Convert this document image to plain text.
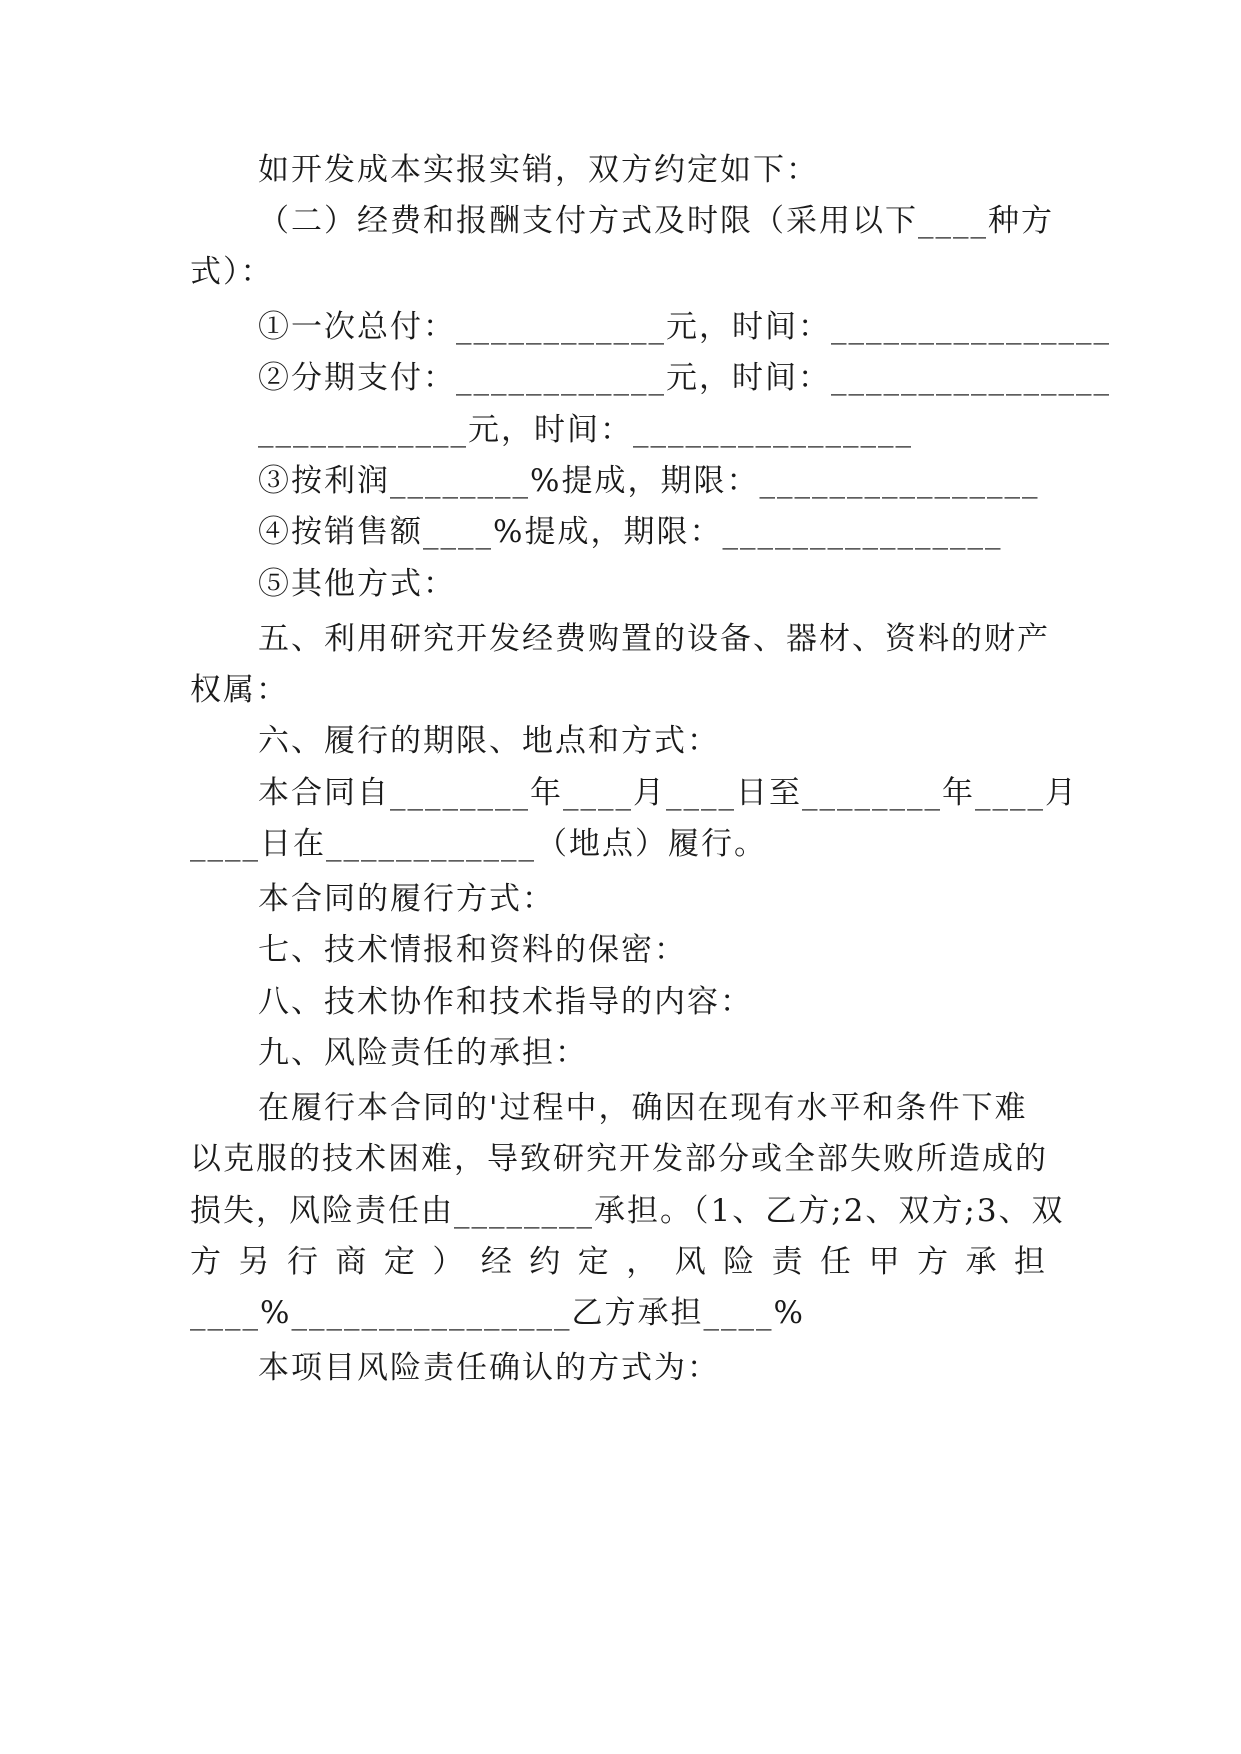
如开发成本实报实销，双方约定如下：
（二）经费和报酬支付方式及时限（采用以下____种方
式）：
①一次总付：____________元，时间：________________
②分期支付：____________元，时间：________________
____________元，时间：________________
③按利润________%提成，期限：________________
④按销售额____%提成，期限：________________
⑤其他方式：
五、利用研究开发经费购置的设备、器材、资料的财产
权属：
六、履行的期限、地点和方式：
本合同自________年____月____日至________年____月
____日在____________（地点）履行。
本合同的履行方式：
七、技术情报和资料的保密：
八、技术协作和技术指导的内容：
九、风险责任的承担：
在履行本合同的'过程中，确因在现有水平和条件下难
以克服的技术困难，导致研究开发部分或全部失败所造成的
损失，风险责任由________承担。（1、乙方;2、双方;3、双
方 另 行 商 定 ） 经 约 定 ， 风 险 责 任 甲 方 承 担
____%________________乙方承担____%
本项目风险责任确认的方式为：
